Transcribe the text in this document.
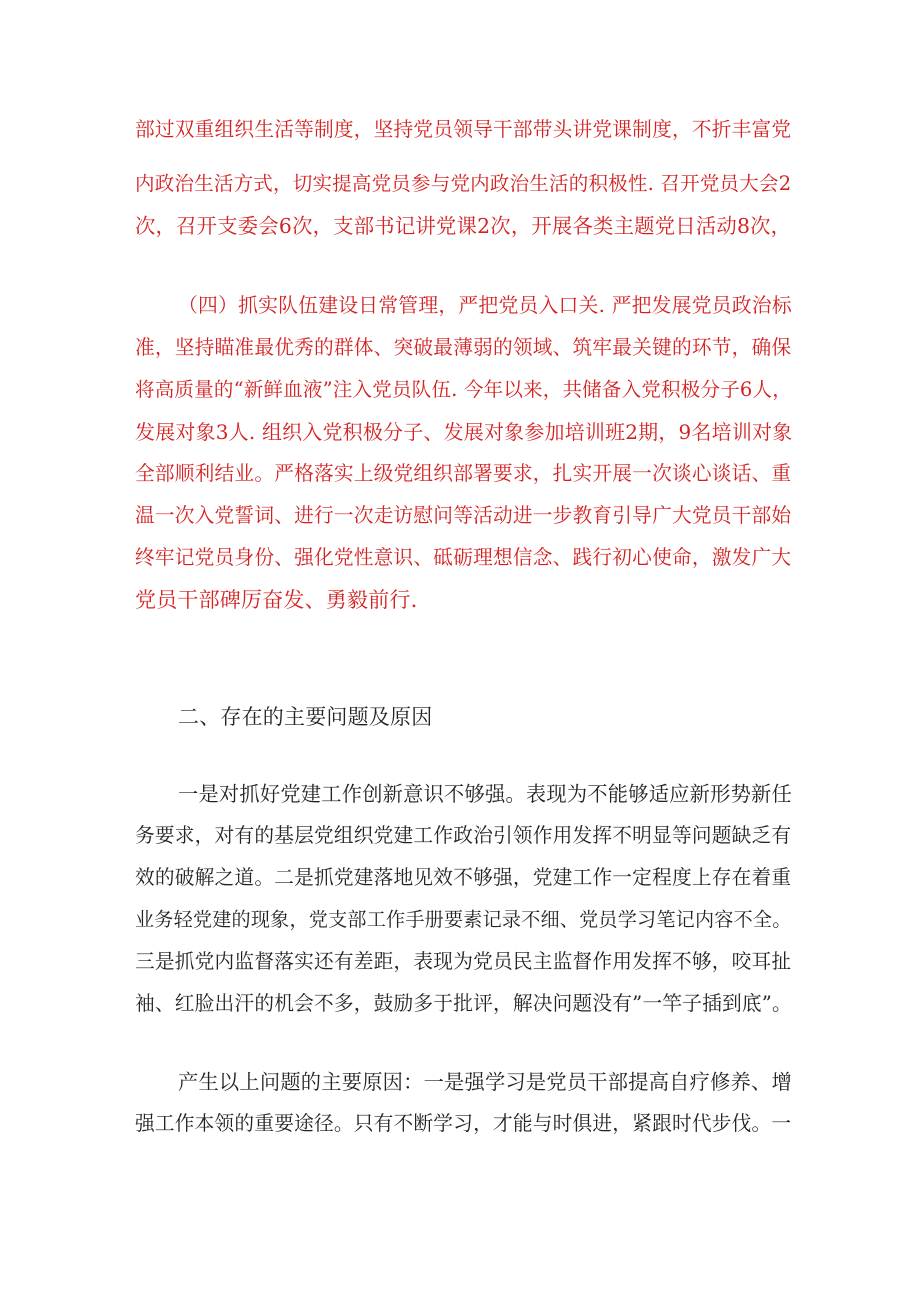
部过双重组织生活等制度，坚持党员领导干部带头讲党课制度，不折丰富党
内政治生活方式，切实提高党员参与党内政治生活的积极性. 召开党员大会2
次，召开支委会6次，支部书记讲党课2次，开展各类主题党日活动8次，
（四）抓实队伍建设日常管理，严把党员入口关. 严把发展党员政治标
准，坚持瞄准最优秀的群体、突破最薄弱的领域、筑牢最关键的环节，确保
将高质量的“新鲜血液”注入党员队伍. 今年以来，共储备入党积极分子6人，
发展对象3人. 组织入党积极分子、发展对象参加培训班2期，9名培训对象
全部顺利结业。严格落实上级党组织部署要求，扎实开展一次谈心谈话、重
温一次入党誓词、进行一次走访慰问等活动进一步教育引导广大党员干部始
终牢记党员身份、强化党性意识、砥砺理想信念、践行初心使命，激发广大
党员干部碑厉奋发、勇毅前行.
二、存在的主要问题及原因
一是对抓好党建工作创新意识不够强。表现为不能够适应新形势新任
务要求，对有的基层党组织党建工作政治引领作用发挥不明显等问题缺乏有
效的破解之道。二是抓党建落地见效不够强，党建工作一定程度上存在着重
业务轻党建的现象，党支部工作手册要素记录不细、党员学习笔记内容不全。
三是抓党内监督落实还有差距，表现为党员民主监督作用发挥不够，咬耳扯
袖、红脸出汗的机会不多，鼓励多于批评，解决问题没有”一竿子插到底”。
产生以上问题的主要原因：一是强学习是党员干部提高自疗修养、增
强工作本领的重要途径。只有不断学习，才能与时俱进，紧跟时代步伐。一
